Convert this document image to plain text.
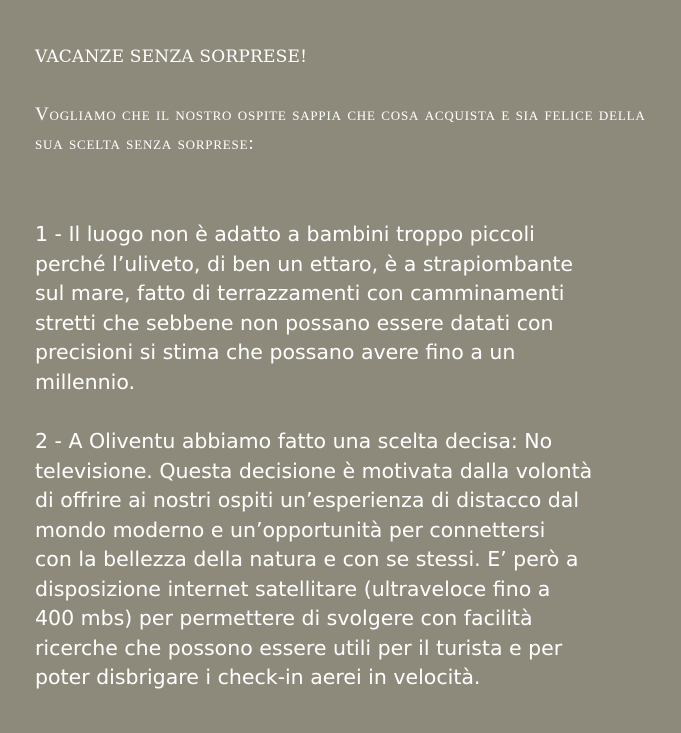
VACANZE SENZA SORPRESE!

Vogliamo che il nostro ospite sappia che cosa acquista e sia felice della sua scelta senza sorprese:

1 - Il luogo non è adatto a bambini troppo piccoli
perché l’uliveto, di ben un ettaro, è a strapiombante
sul mare, fatto di terrazzamenti con camminamenti
stretti che sebbene non possano essere datati con
precisioni si stima che possano avere fino a un
millennio.

2 - A Oliventu abbiamo fatto una scelta decisa: No
televisione. Questa decisione è motivata dalla volontà
di offrire ai nostri ospiti un’esperienza di distacco dal
mondo moderno e un’opportunità per connettersi
con la bellezza della natura e con se stessi. E’ però a
disposizione internet satellitare (ultraveloce fino a
400 mbs) per permettere di svolgere con facilità
ricerche che possono essere utili per il turista e per
poter disbrigare i check-in aerei in velocità.
